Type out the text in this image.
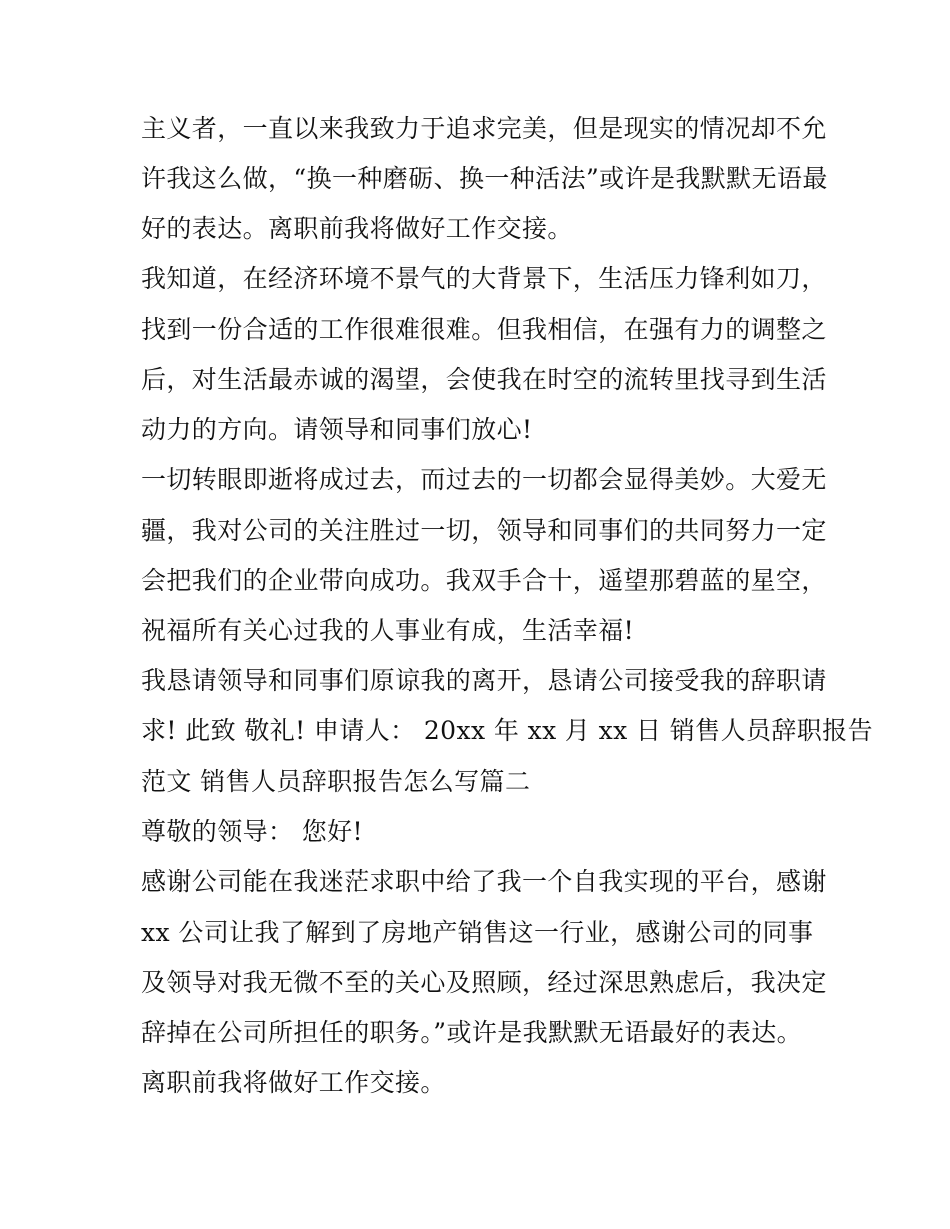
主义者，一直以来我致力于追求完美，但是现实的情况却不允
许我这么做，“换一种磨砺、换一种活法”或许是我默默无语最
好的表达。离职前我将做好工作交接。
我知道，在经济环境不景气的大背景下，生活压力锋利如刀，
找到一份合适的工作很难很难。但我相信，在强有力的调整之
后，对生活最赤诚的渴望，会使我在时空的流转里找寻到生活
动力的方向。请领导和同事们放心!
一切转眼即逝将成过去，而过去的一切都会显得美妙。大爱无
疆，我对公司的关注胜过一切，领导和同事们的共同努力一定
会把我们的企业带向成功。我双手合十，遥望那碧蓝的星空，
祝福所有关心过我的人事业有成，生活幸福!
我恳请领导和同事们原谅我的离开，恳请公司接受我的辞职请
求! 此致 敬礼! 申请人： 20xx 年 xx 月 xx 日 销售人员辞职报告
范文 销售人员辞职报告怎么写篇二
尊敬的领导： 您好!
感谢公司能在我迷茫求职中给了我一个自我实现的平台，感谢
xx 公司让我了解到了房地产销售这一行业，感谢公司的同事
及领导对我无微不至的关心及照顾，经过深思熟虑后，我决定
辞掉在公司所担任的职务。”或许是我默默无语最好的表达。
离职前我将做好工作交接。
